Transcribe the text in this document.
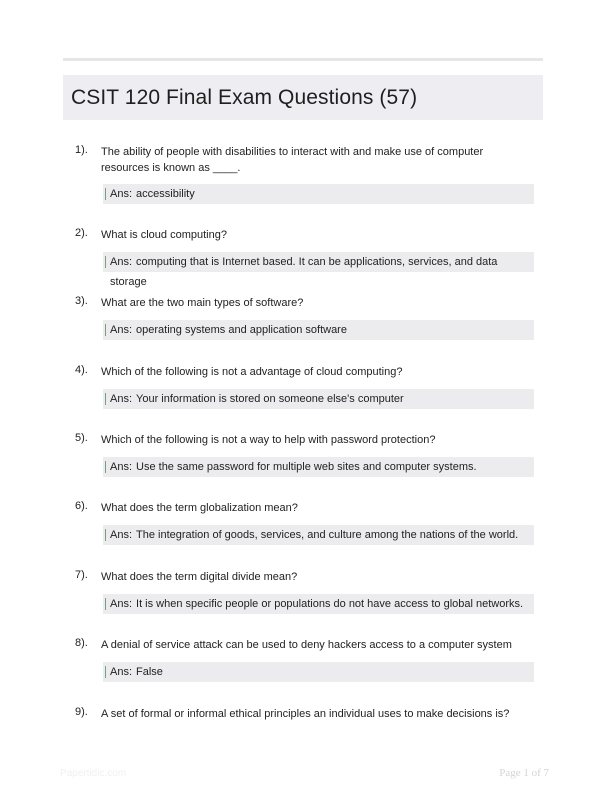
CSIT 120 Final Exam Questions (57)
1). The ability of people with disabilities to interact with and make use of computer resources is known as ____.
Ans: accessibility
2). What is cloud computing?
Ans: computing that is Internet based. It can be applications, services, and data storage
3). What are the two main types of software?
Ans: operating systems and application software
4). Which of the following is not a advantage of cloud computing?
Ans: Your information is stored on someone else's computer
5). Which of the following is not a way to help with password protection?
Ans: Use the same password for multiple web sites and computer systems.
6). What does the term globalization mean?
Ans: The integration of goods, services, and culture among the nations of the world.
7). What does the term digital divide mean?
Ans: It is when specific people or populations do not have access to global networks.
8). A denial of service attack can be used to deny hackers access to a computer system
Ans: False
9). A set of formal or informal ethical principles an individual uses to make decisions is?
Papertidic.com	Page 1 of 7
